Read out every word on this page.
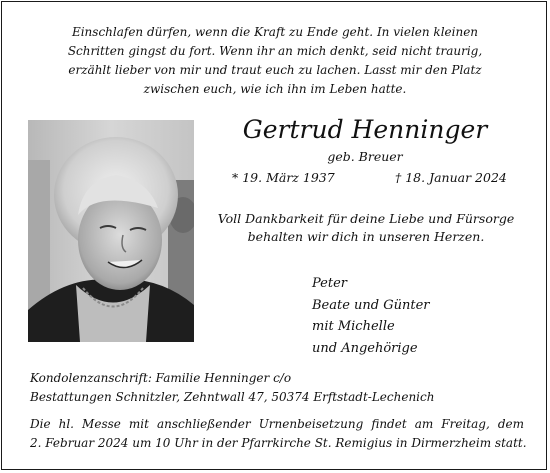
Einschlafen dürfen, wenn die Kraft zu Ende geht. In vielen kleinen
Schritten gingst du fort. Wenn ihr an mich denkt, seid nicht traurig,
erzählt lieber von mir und traut euch zu lachen. Lasst mir den Platz
zwischen euch, wie ich ihn im Leben hatte.
Gertrud Henninger
geb. Breuer
* 19. März 1937	† 18. Januar 2024
Voll Dankbarkeit für deine Liebe und Fürsorge
behalten wir dich in unseren Herzen.
Peter
Beate und Günter
mit Michelle
und Angehörige
Kondolenzanschrift: Familie Henninger c/o
Bestattungen Schnitzler, Zehntwall 47, 50374 Erftstadt-Lechenich
Die hl. Messe mit anschließender Urnenbeisetzung findet am Freitag, dem
2. Februar 2024 um 10 Uhr in der Pfarrkirche St. Remigius in Dirmerzheim statt.
